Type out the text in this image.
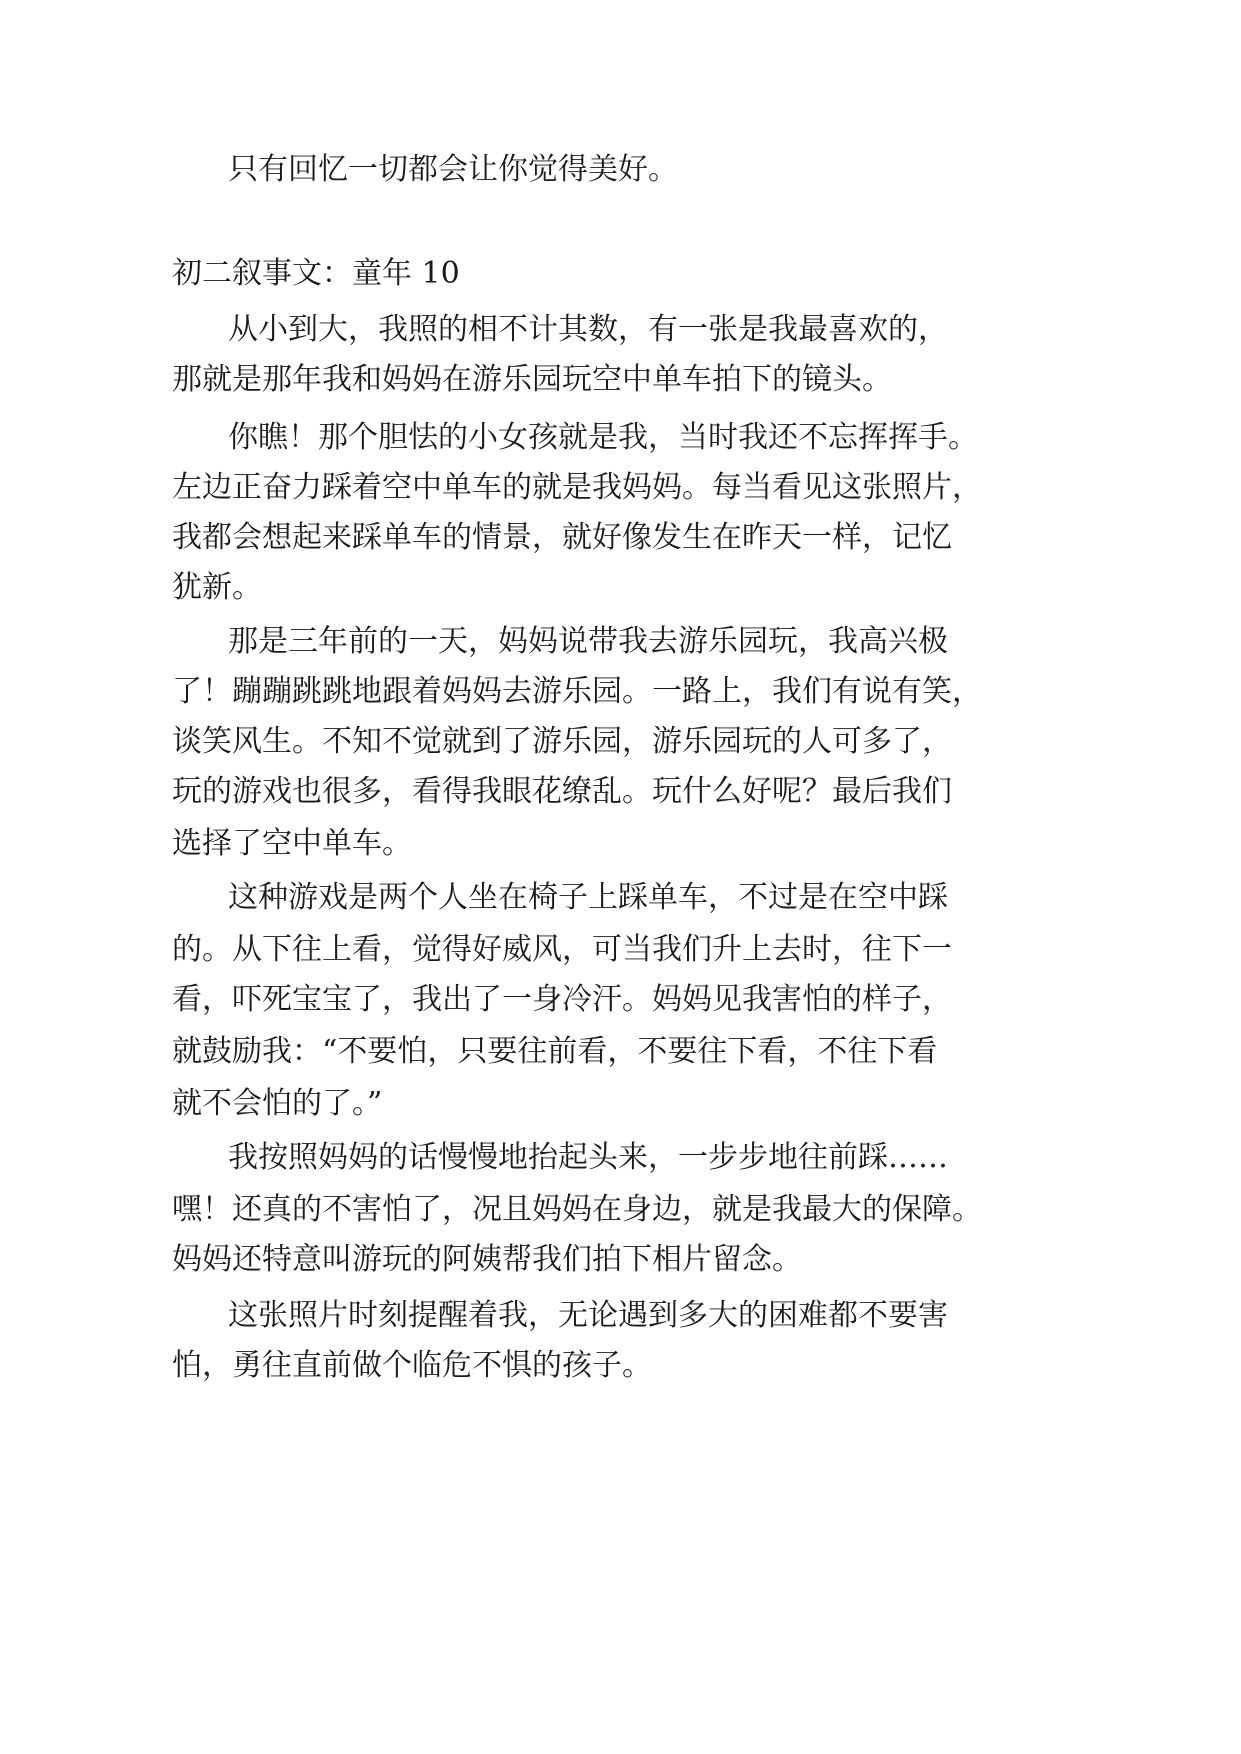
只有回忆一切都会让你觉得美好。
初二叙事文：童年 10
从小到大，我照的相不计其数，有一张是我最喜欢的，
那就是那年我和妈妈在游乐园玩空中单车拍下的镜头。
你瞧！那个胆怯的小女孩就是我，当时我还不忘挥挥手。
左边正奋力踩着空中单车的就是我妈妈。每当看见这张照片，
我都会想起来踩单车的情景，就好像发生在昨天一样，记忆
犹新。
那是三年前的一天，妈妈说带我去游乐园玩，我高兴极
了！蹦蹦跳跳地跟着妈妈去游乐园。一路上，我们有说有笑，
谈笑风生。不知不觉就到了游乐园，游乐园玩的人可多了，
玩的游戏也很多，看得我眼花缭乱。玩什么好呢？最后我们
选择了空中单车。
这种游戏是两个人坐在椅子上踩单车，不过是在空中踩
的。从下往上看，觉得好威风，可当我们升上去时，往下一
看，吓死宝宝了，我出了一身冷汗。妈妈见我害怕的样子，
就鼓励我：“不要怕，只要往前看，不要往下看，不往下看
就不会怕的了。”
我按照妈妈的话慢慢地抬起头来，一步步地往前踩……
嘿！还真的不害怕了，况且妈妈在身边，就是我最大的保障。
妈妈还特意叫游玩的阿姨帮我们拍下相片留念。
这张照片时刻提醒着我，无论遇到多大的困难都不要害
怕，勇往直前做个临危不惧的孩子。
